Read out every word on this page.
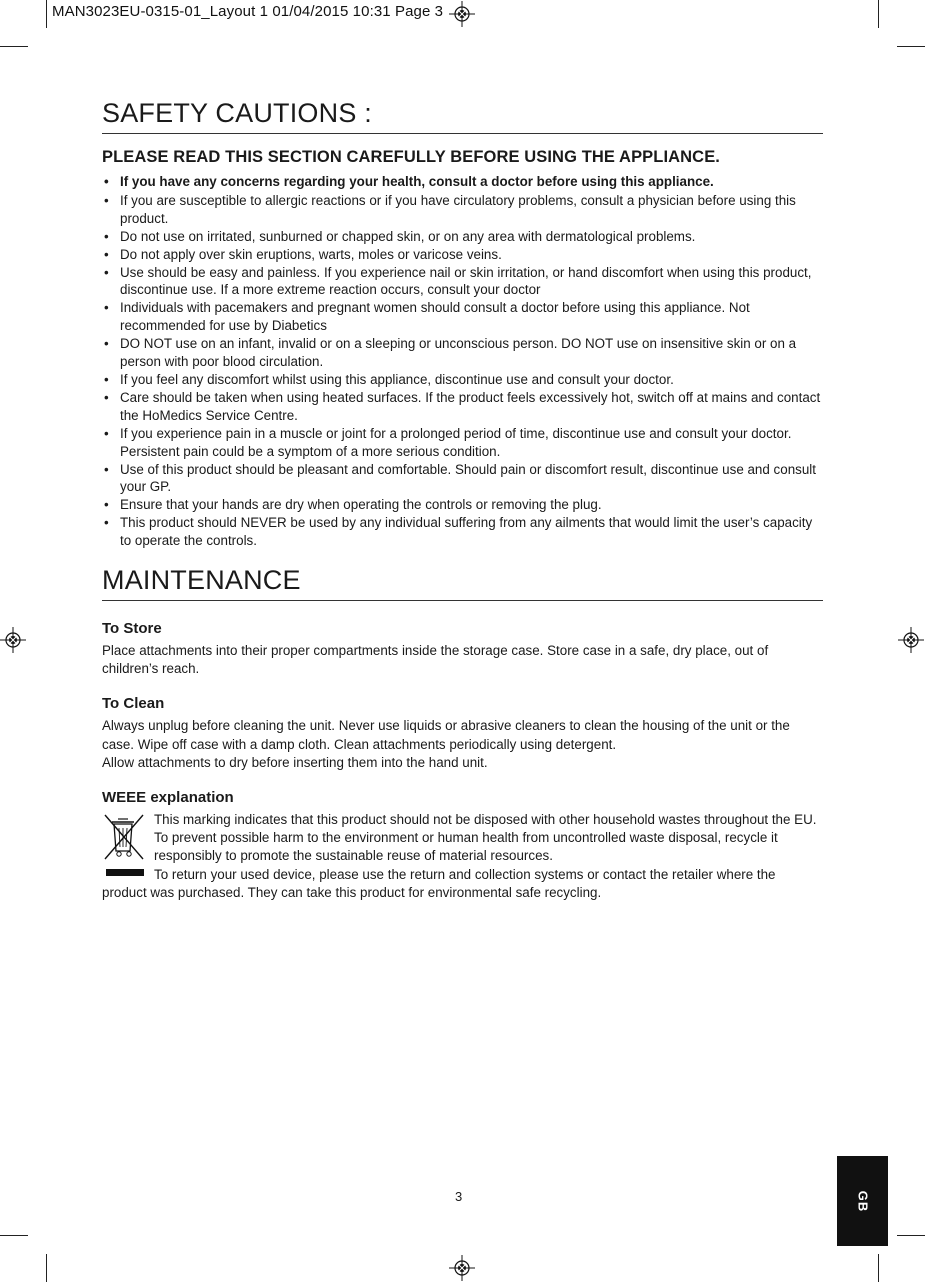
MAN3023EU-0315-01_Layout 1 01/04/2015 10:31 Page 3
SAFETY CAUTIONS :
PLEASE READ THIS SECTION CAREFULLY BEFORE USING THE APPLIANCE.
• If you have any concerns regarding your health, consult a doctor before using this appliance.
• If you are susceptible to allergic reactions or if you have circulatory problems, consult a physician before using this product.
• Do not use on irritated, sunburned or chapped skin, or on any area with dermatological problems.
• Do not apply over skin eruptions, warts, moles or varicose veins.
• Use should be easy and painless. If you experience nail or skin irritation, or hand discomfort when using this product, discontinue use. If a more extreme reaction occurs, consult your doctor
• Individuals with pacemakers and pregnant women should consult a doctor before using this appliance. Not recommended for use by Diabetics
• DO NOT use on an infant, invalid or on a sleeping or unconscious person. DO NOT use on insensitive skin or on a person with poor blood circulation.
• If you feel any discomfort whilst using this appliance, discontinue use and consult your doctor.
• Care should be taken when using heated surfaces. If the product feels excessively hot, switch off at mains and contact the HoMedics Service Centre.
• If you experience pain in a muscle or joint for a prolonged period of time, discontinue use and consult your doctor. Persistent pain could be a symptom of a more serious condition.
• Use of this product should be pleasant and comfortable. Should pain or discomfort result, discontinue use and consult your GP.
• Ensure that your hands are dry when operating the controls or removing the plug.
• This product should NEVER be used by any individual suffering from any ailments that would limit the user’s capacity to operate the controls.
MAINTENANCE
To Store

Place attachments into their proper compartments inside the storage case. Store case in a safe, dry place, out of children’s reach.

To Clean

Always unplug before cleaning the unit. Never use liquids or abrasive cleaners to clean the housing of the unit or the case. Wipe off case with a damp cloth. Clean attachments periodically using detergent.

Allow attachments to dry before inserting them into the hand unit.

WEEE explanation

This marking indicates that this product should not be disposed with other household wastes throughout the EU. To prevent possible harm to the environment or human health from uncontrolled waste disposal, recycle it responsibly to promote the sustainable reuse of material resources.

To return your used device, please use the return and collection systems or contact the retailer where the product was purchased. They can take this product for environmental safe recycling.

3	GB
